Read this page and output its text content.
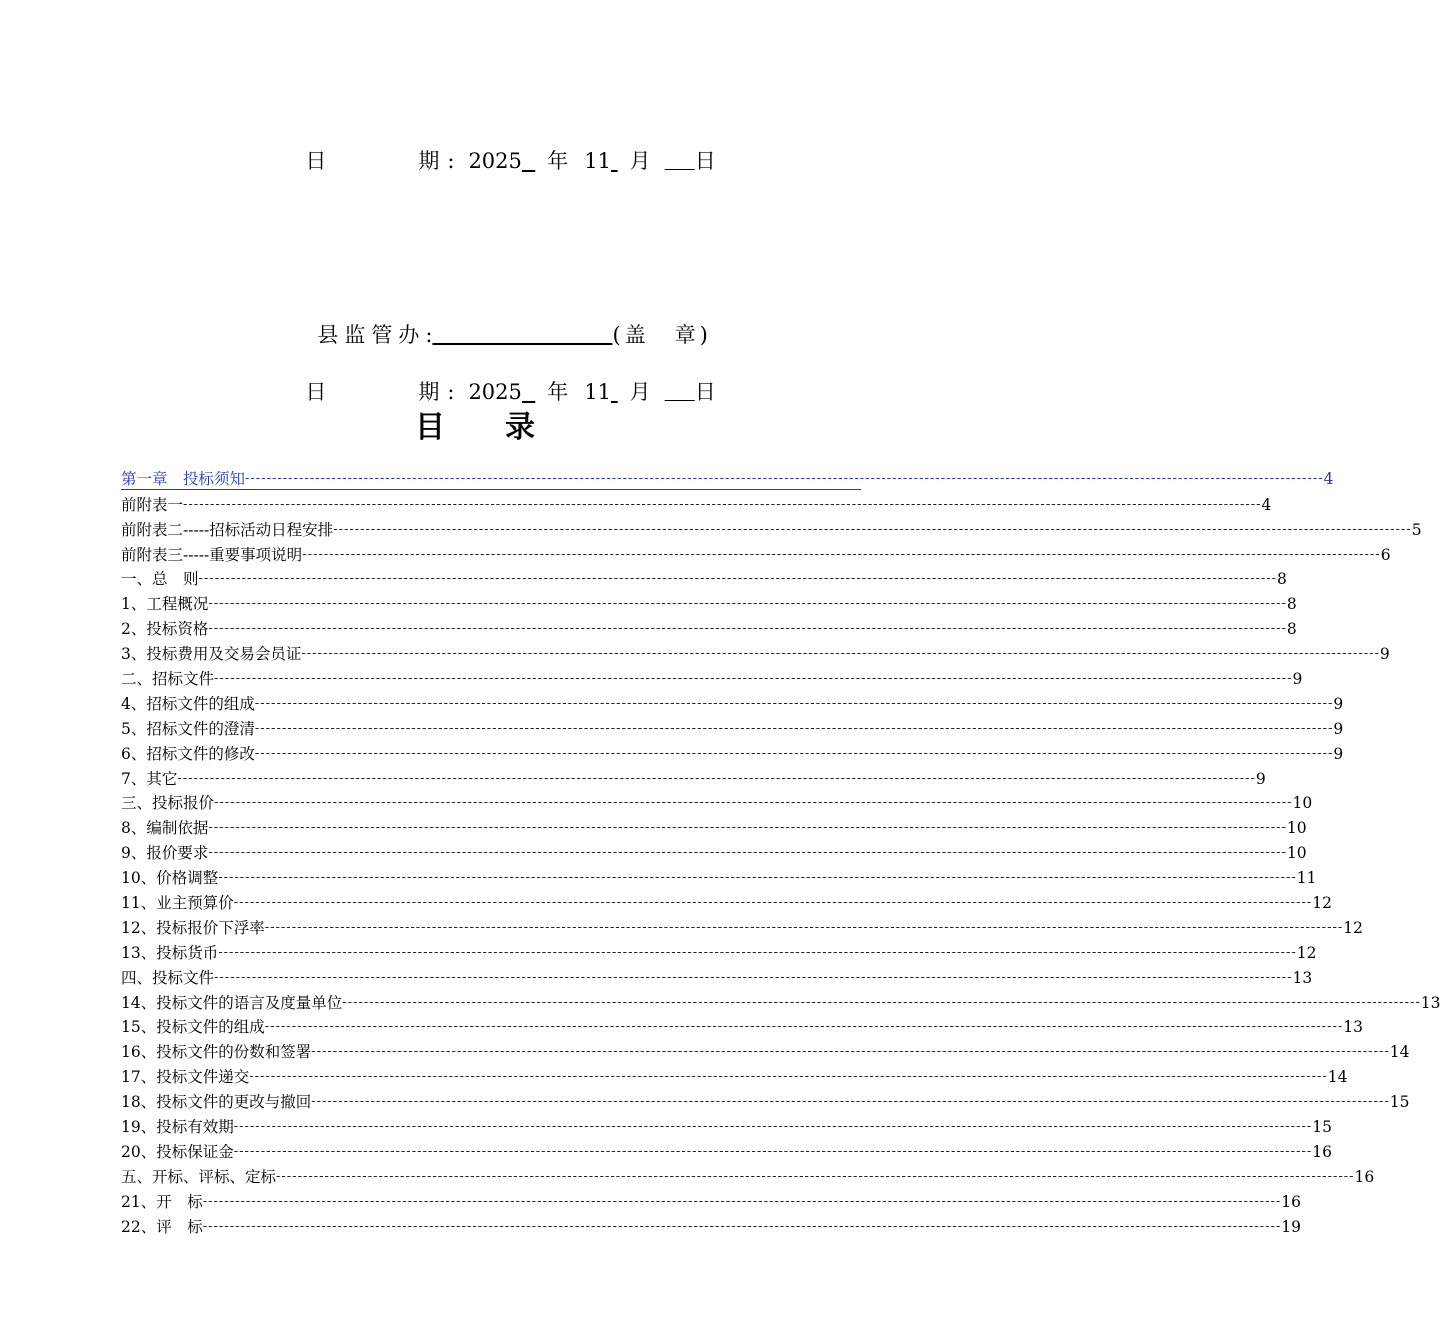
日	期 : 2025 年 11 月　　 日

县监管办:　　　　　　　　　	(盖　章)

日	期 : 2025 年 11 月　　 日

目 录
第一章　投标须知 -------------------------------------------------------------------------------------------------------------------------------------------------------------------------------------------------------- 4
前附表一 -------------------------------------------------------------------------------------------------------------------------------------------------------------------------------------------------------- 4
前附表二-----招标活动日程安排 -------------------------------------------------------------------------------------------------------------------------------------------------------------------------------------------------------- 5
前附表三-----重要事项说明 -------------------------------------------------------------------------------------------------------------------------------------------------------------------------------------------------------- 6
一、总　则 -------------------------------------------------------------------------------------------------------------------------------------------------------------------------------------------------------- 8
1、工程概况 -------------------------------------------------------------------------------------------------------------------------------------------------------------------------------------------------------- 8
2、投标资格 -------------------------------------------------------------------------------------------------------------------------------------------------------------------------------------------------------- 8
3、投标费用及交易会员证 -------------------------------------------------------------------------------------------------------------------------------------------------------------------------------------------------------- 9
二、招标文件 -------------------------------------------------------------------------------------------------------------------------------------------------------------------------------------------------------- 9
4、招标文件的组成 -------------------------------------------------------------------------------------------------------------------------------------------------------------------------------------------------------- 9
5、招标文件的澄清 -------------------------------------------------------------------------------------------------------------------------------------------------------------------------------------------------------- 9
6、招标文件的修改 -------------------------------------------------------------------------------------------------------------------------------------------------------------------------------------------------------- 9
7、其它 -------------------------------------------------------------------------------------------------------------------------------------------------------------------------------------------------------- 9
三、投标报价 -------------------------------------------------------------------------------------------------------------------------------------------------------------------------------------------------------- 10
8、编制依据 -------------------------------------------------------------------------------------------------------------------------------------------------------------------------------------------------------- 10
9、报价要求 -------------------------------------------------------------------------------------------------------------------------------------------------------------------------------------------------------- 10
10、价格调整 -------------------------------------------------------------------------------------------------------------------------------------------------------------------------------------------------------- 11
11、业主预算价 -------------------------------------------------------------------------------------------------------------------------------------------------------------------------------------------------------- 12
12、投标报价下浮率 -------------------------------------------------------------------------------------------------------------------------------------------------------------------------------------------------------- 12
13、投标货币 -------------------------------------------------------------------------------------------------------------------------------------------------------------------------------------------------------- 12
四、投标文件 -------------------------------------------------------------------------------------------------------------------------------------------------------------------------------------------------------- 13
14、投标文件的语言及度量单位 -------------------------------------------------------------------------------------------------------------------------------------------------------------------------------------------------------- 13
15、投标文件的组成 -------------------------------------------------------------------------------------------------------------------------------------------------------------------------------------------------------- 13
16、投标文件的份数和签署 -------------------------------------------------------------------------------------------------------------------------------------------------------------------------------------------------------- 14
17、投标文件递交 -------------------------------------------------------------------------------------------------------------------------------------------------------------------------------------------------------- 14
18、投标文件的更改与撤回 -------------------------------------------------------------------------------------------------------------------------------------------------------------------------------------------------------- 15
19、投标有效期 -------------------------------------------------------------------------------------------------------------------------------------------------------------------------------------------------------- 15
20、投标保证金 -------------------------------------------------------------------------------------------------------------------------------------------------------------------------------------------------------- 16
五、开标、评标、定标 -------------------------------------------------------------------------------------------------------------------------------------------------------------------------------------------------------- 16
21、开　标 -------------------------------------------------------------------------------------------------------------------------------------------------------------------------------------------------------- 16
22、评　标 -------------------------------------------------------------------------------------------------------------------------------------------------------------------------------------------------------- 19
